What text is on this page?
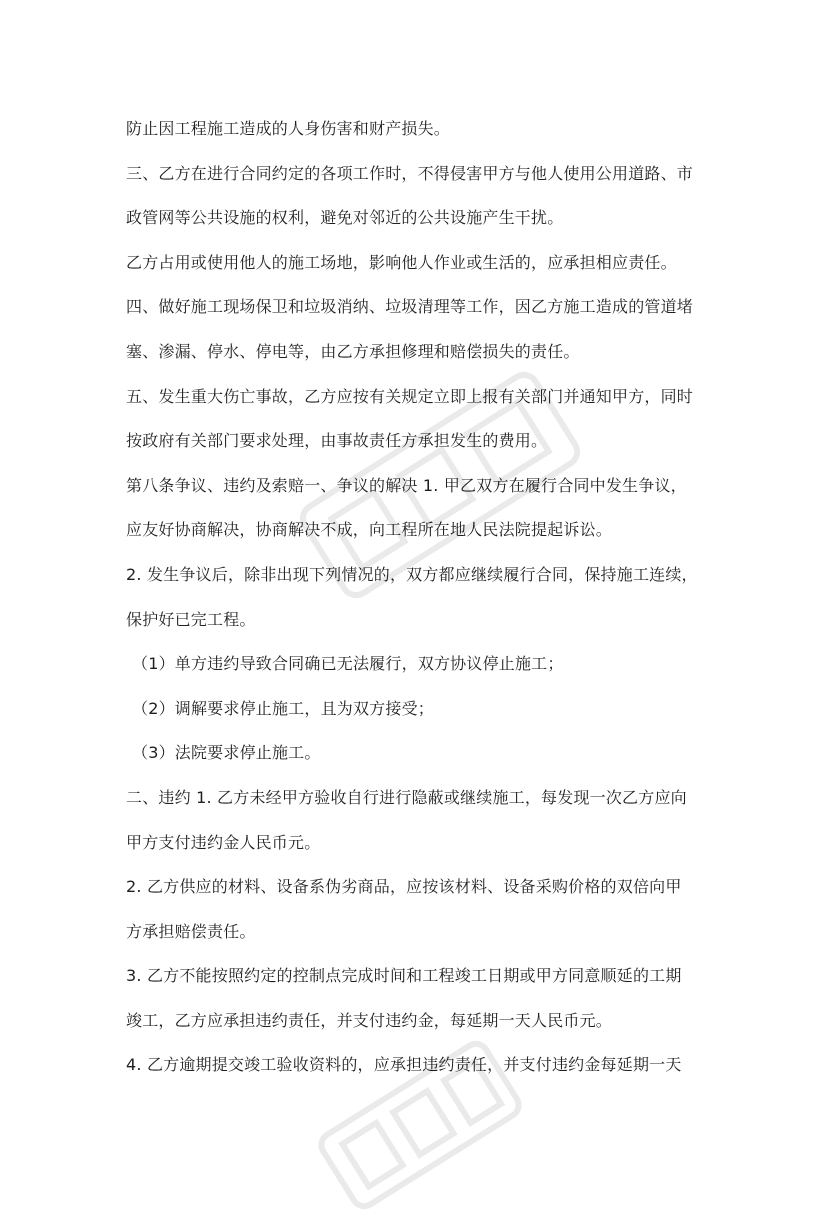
防止因工程施工造成的人身伤害和财产损失。
三、乙方在进行合同约定的各项工作时，不得侵害甲方与他人使用公用道路、市
政管网等公共设施的权利，避免对邻近的公共设施产生干扰。
乙方占用或使用他人的施工场地，影响他人作业或生活的，应承担相应责任。
四、做好施工现场保卫和垃圾消纳、垃圾清理等工作，因乙方施工造成的管道堵
塞、渗漏、停水、停电等，由乙方承担修理和赔偿损失的责任。
五、发生重大伤亡事故，乙方应按有关规定立即上报有关部门并通知甲方，同时
按政府有关部门要求处理，由事故责任方承担发生的费用。
第八条争议、违约及索赔一、争议的解决 1. 甲乙双方在履行合同中发生争议，
应友好协商解决，协商解决不成，向工程所在地人民法院提起诉讼。
2. 发生争议后，除非出现下列情况的，双方都应继续履行合同，保持施工连续，
保护好已完工程。
（1）单方违约导致合同确已无法履行，双方协议停止施工；
（2）调解要求停止施工，且为双方接受；
（3）法院要求停止施工。
二、违约 1. 乙方未经甲方验收自行进行隐蔽或继续施工，每发现一次乙方应向
甲方支付违约金人民币元。
2. 乙方供应的材料、设备系伪劣商品，应按该材料、设备采购价格的双倍向甲
方承担赔偿责任。
3. 乙方不能按照约定的控制点完成时间和工程竣工日期或甲方同意顺延的工期
竣工，乙方应承担违约责任，并支付违约金，每延期一天人民币元。
4. 乙方逾期提交竣工验收资料的，应承担违约责任，并支付违约金每延期一天
